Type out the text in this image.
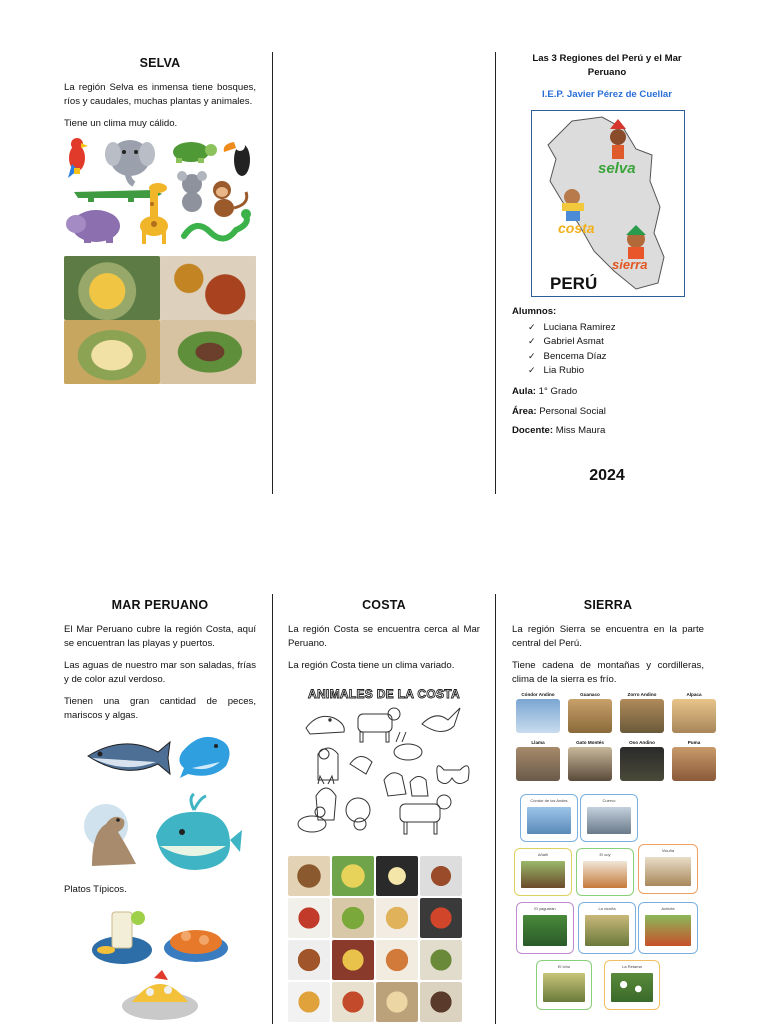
SELVA

La región Selva es inmensa tiene bosques, ríos y caudales, muchas plantas y animales.

Tiene un clima muy cálido.

Las 3 Regiones del Perú y el Mar
Peruano
I.E.P. Javier Pérez de Cuellar
selva
costa
sierra
PERÚ
Alumnos:
✓ Luciana Ramirez
✓ Gabriel Asmat
✓ Bencema Díaz
✓ Lia Rubio
Aula: 1° Grado
Área: Personal Social
Docente: Miss Maura
2024
MAR PERUANO

El Mar Peruano cubre la región Costa, aquí se encuentran las playas y puertos.

Las aguas de nuestro mar son saladas, frías y de color azul verdoso.

Tienen una gran cantidad de peces, mariscos y algas.

Platos Típicos.

COSTA

La región Costa se encuentra cerca al Mar Peruano.

La región Costa tiene un clima variado.

ANIMALES DE LA COSTA
SIERRA

La región Sierra se encuentra en la parte central del Perú.

Tiene cadena de montañas y cordilleras, clima de la sierra es frío.

Cóndor Andino	Guanaco	Zorro Andino	Alpaca
Llama	Gato Montés	Oso Andino	Puma
Cóndor de los Andes	Cuervo
Añañi	El cuy
Vicuña
El yaguarán	La vicuña	Achiote
El Ichu	La Retama
